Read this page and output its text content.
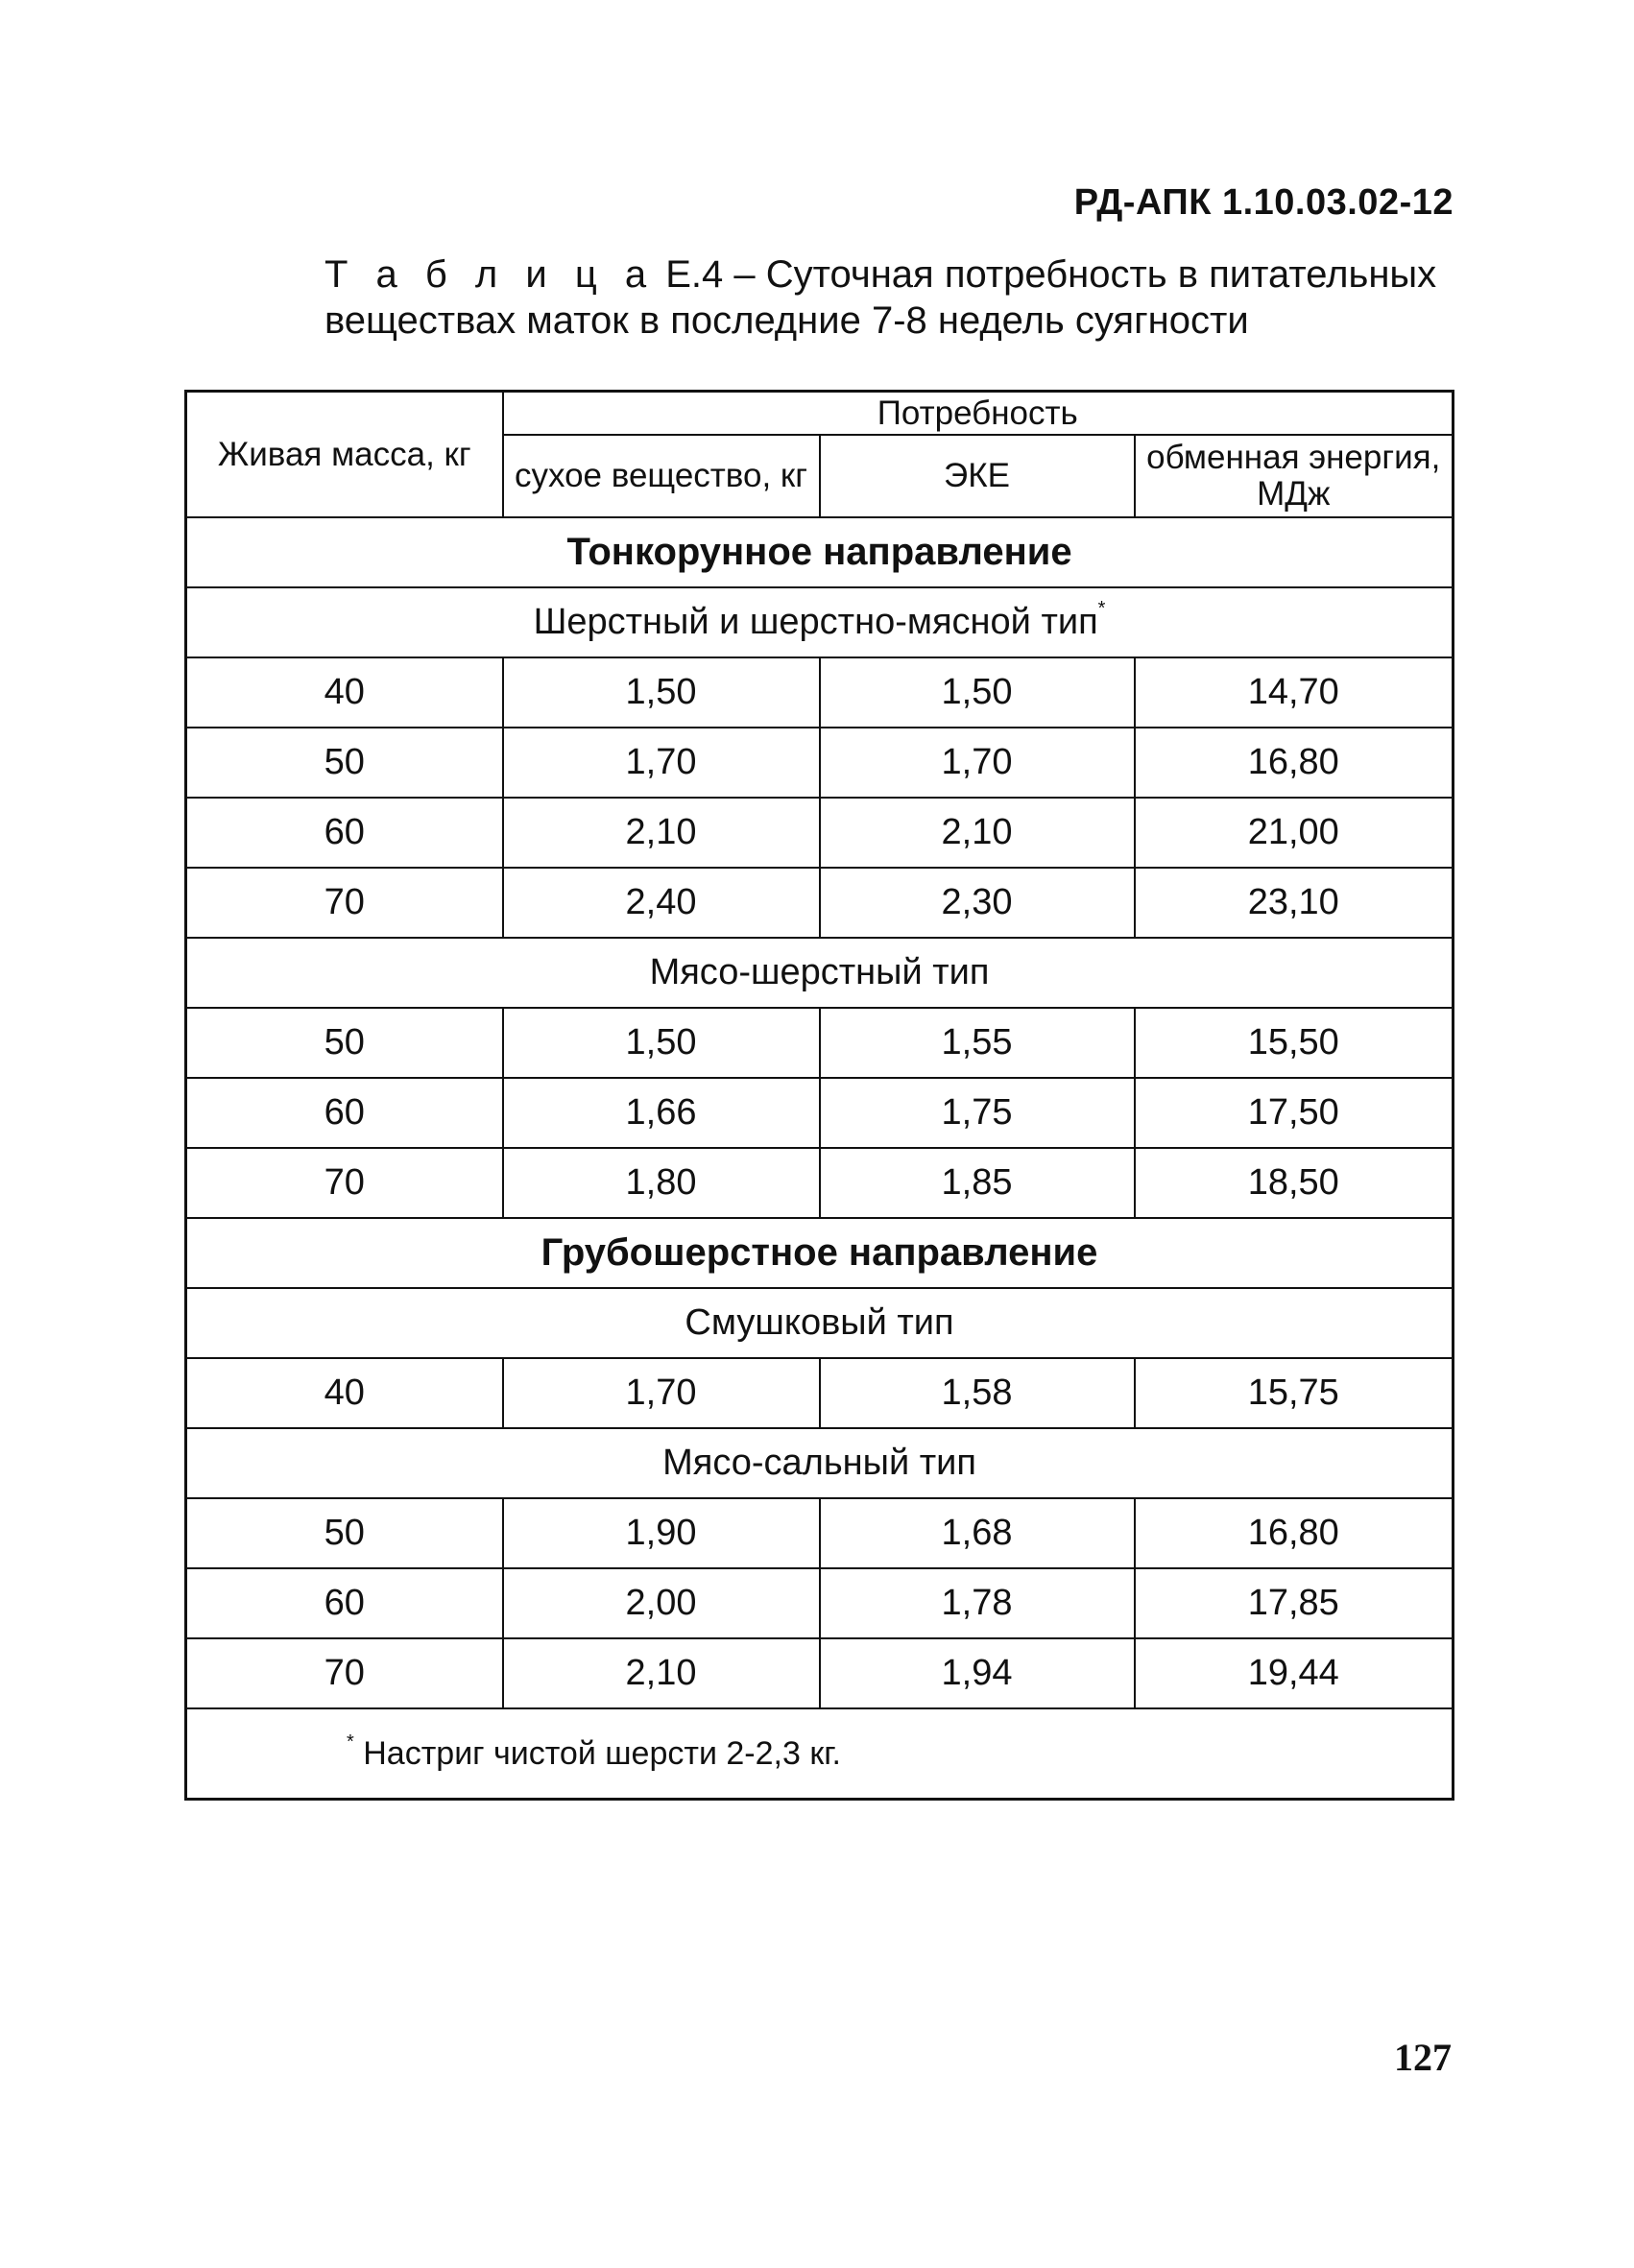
РД-АПК 1.10.03.02-12
Т а б л и ц а Е.4 – Суточная потребность в питательных веществах маток в последние 7-8 недель суягности
Живая масса, кг	Потребность		
	сухое вещество, кг	ЭКЕ	обменная энергия, МДж
Тонкорунное направление			
Шерстный и шерстно-мясной тип*
40	1,50	1,50	14,70
50	1,70	1,70	16,80
60	2,10	2,10	21,00
70	2,40	2,30	23,10
Мясо-шерстный тип			
50	1,50	1,55	15,50
60	1,66	1,75	17,50
70	1,80	1,85	18,50
Грубошерстное направление			
Смушковый тип			
40	1,70	1,58	15,75
Мясо-сальный тип			
50	1,90	1,68	16,80
60	2,00	1,78	17,85
70	2,10	1,94	19,44
* Настриг чистой шерсти 2-2,3 кг.			
127
